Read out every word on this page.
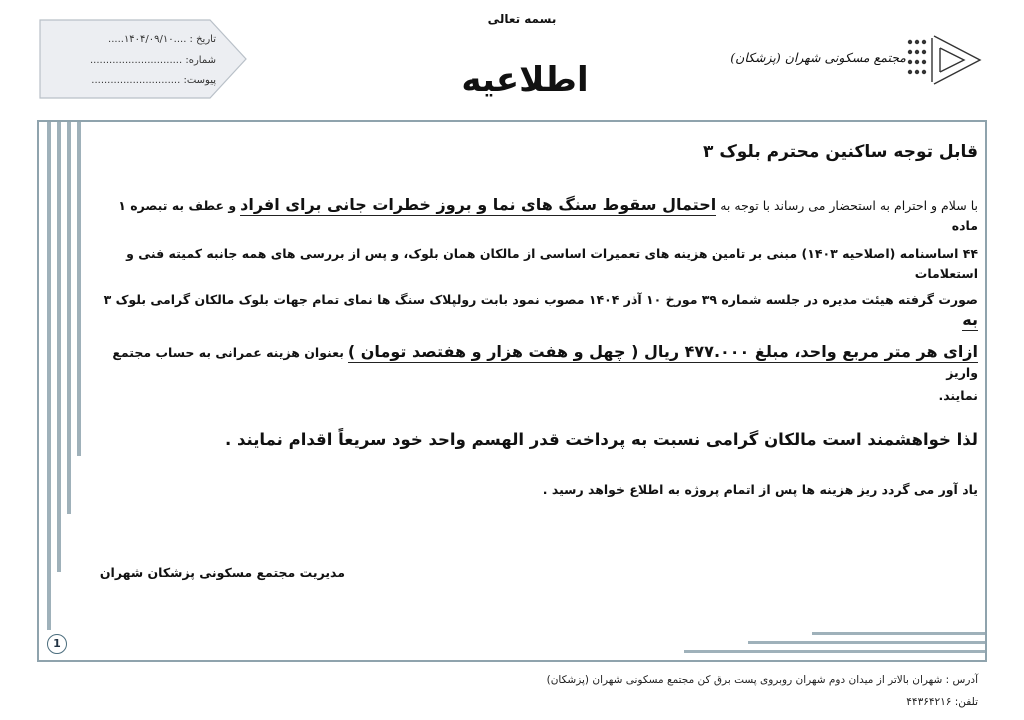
بسمه تعالی
اطلاعیه
تاریخ : ....۱۴۰۴/۰۹/۱۰.....
شماره: .............................
پیوست: ............................
مجتمع مسکونی شهران (پزشکان)
1
قابل توجه ساکنین محترم بلوک ۳
با سلام و احترام به استحضار می رساند با توجه به احتمال سقوط سنگ های نما و بروز خطرات جانی برای افراد و عطف به تبصره ۱ ماده
۴۴ اساسنامه (اصلاحیه ۱۴۰۳) مبنی بر تامین هزینه های تعمیرات اساسی از مالکان همان بلوک، و پس از بررسی های همه جانبه کمیته فنی و استعلامات
صورت گرفته هیئت مدیره در جلسه شماره ۳۹ مورخ ۱۰ آذر ۱۴۰۴ مصوب نمود بابت رولپلاک سنگ ها نمای تمام جهات بلوک مالکان گرامی بلوک ۳ به
ازای هر متر مربع واحد، مبلغ ۴۷۷.۰۰۰ ریال ( چهل و هفت هزار و هفتصد تومان ) بعنوان هزینه عمرانی به حساب مجتمع واریز
نمایند.
لذا خواهشمند است مالکان گرامی نسبت به پرداخت قدر الهسم واحد خود سریعاً اقدام نمایند .
یاد آور می گردد ریز هزینه ها پس از اتمام پروژه به اطلاع خواهد رسید .
مدیریت مجتمع مسکونی پزشکان شهران
آدرس : شهران بالاتر از میدان دوم شهران روبروی پست برق کن مجتمع مسکونی شهران (پزشکان)
تلفن: ۴۴۳۶۴۲۱۶
